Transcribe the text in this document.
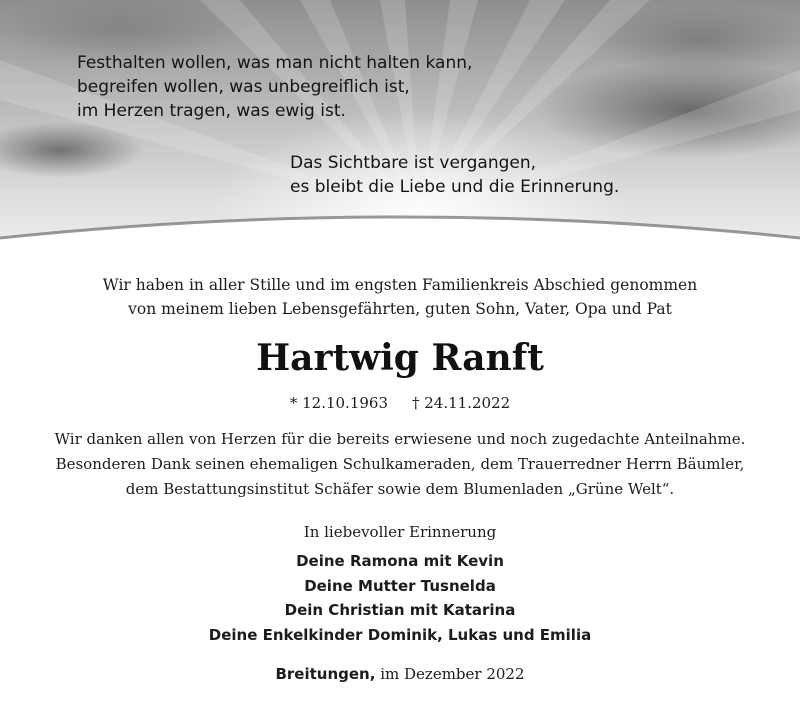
Festhalten wollen, was man nicht halten kann,
begreifen wollen, was unbegreiflich ist,
im Herzen tragen, was ewig ist.

Das Sichtbare ist vergangen,
es bleibt die Liebe und die Erinnerung.

Wir haben in aller Stille und im engsten Familienkreis Abschied genommen
von meinem lieben Lebensgefährten, guten Sohn, Vater, Opa und Pat

Hartwig Ranft

* 12.10.1963 † 24.11.2022

Wir danken allen von Herzen für die bereits erwiesene und noch zugedachte Anteilnahme.
Besonderen Dank seinen ehemaligen Schulkameraden, dem Trauerredner Herrn Bäumler,
dem Bestattungsinstitut Schäfer sowie dem Blumenladen „Grüne Welt“.

In liebevoller Erinnerung

Deine Ramona mit Kevin
Deine Mutter Tusnelda
Dein Christian mit Katarina
Deine Enkelkinder Dominik, Lukas und Emilia

Breitungen, im Dezember 2022
